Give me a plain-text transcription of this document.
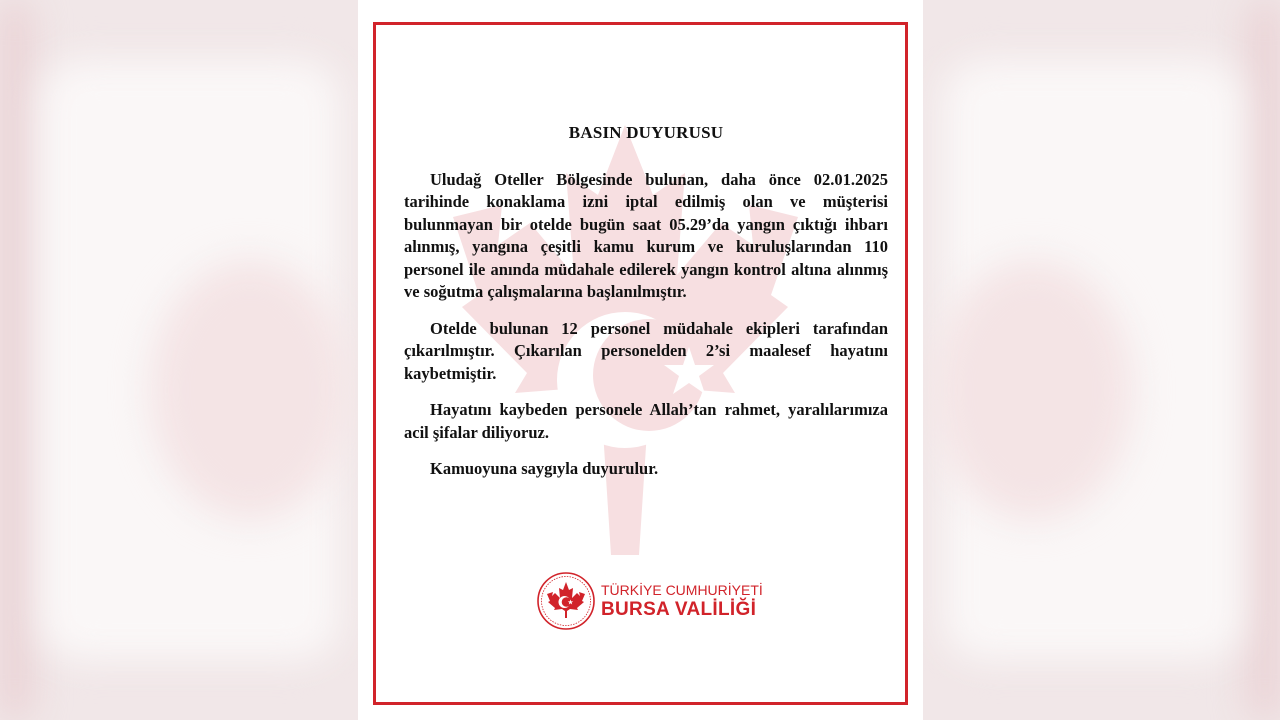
BASIN DUYURUSU

Uludağ Oteller Bölgesinde bulunan, daha önce 02.01.2025 tarihinde konaklama izni iptal edilmiş olan ve müşterisi bulunmayan bir otelde bugün saat 05.29’da yangın çıktığı ihbarı alınmış, yangına çeşitli kamu kurum ve kuruluşlarından 110 personel ile anında müdahale edilerek yangın kontrol altına alınmış ve soğutma çalışmalarına başlanılmıştır.

Otelde bulunan 12 personel müdahale ekipleri tarafından çıkarılmıştır. Çıkarılan personelden 2’si maalesef hayatını kaybetmiştir.

Hayatını kaybeden personele Allah’tan rahmet, yaralılarımıza acil şifalar diliyoruz.

Kamuoyuna saygıyla duyurulur.

TÜRKİYE CUMHURİYETİ
BURSA VALİLİĞİ
